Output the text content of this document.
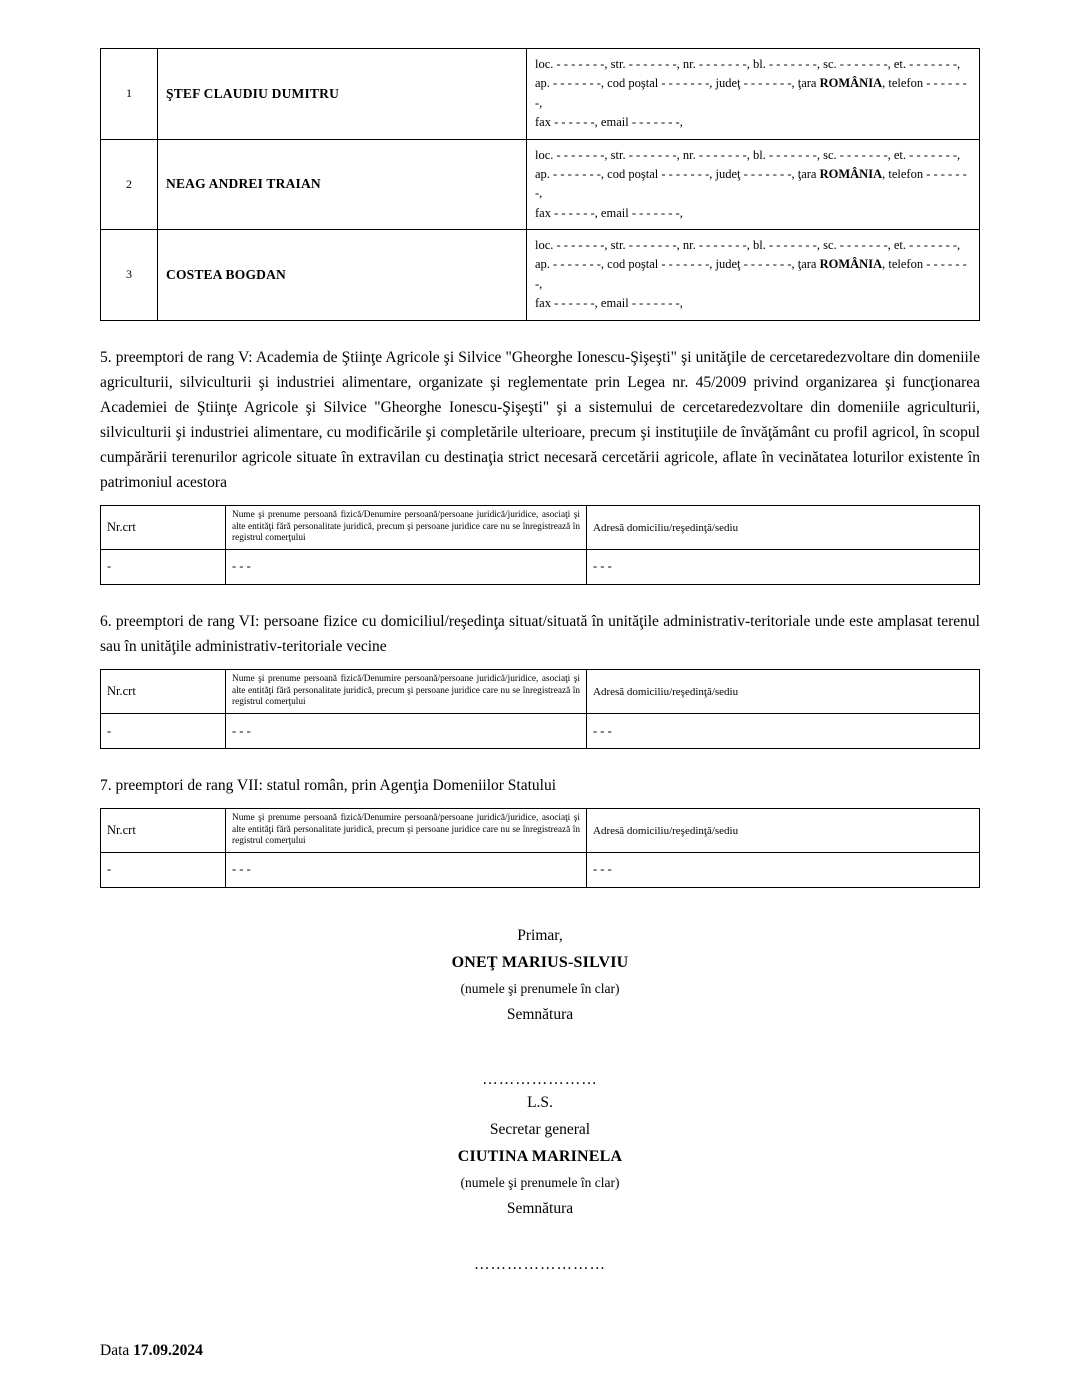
1	ŞTEF CLAUDIU DUMITRU	loc. - - - - - - -, str. - - - - - - -, nr. - - - - - - -, bl. - - - - - - -, sc. - - - - - - -, et. - - - - - - -,
ap. - - - - - - -, cod poştal - - - - - - -, judeţ - - - - - - -, ţara ROMÂNIA, telefon - - - - - - -,
fax - - - - - -, email - - - - - - -,
2	NEAG ANDREI TRAIAN	loc. - - - - - - -, str. - - - - - - -, nr. - - - - - - -, bl. - - - - - - -, sc. - - - - - - -, et. - - - - - - -,
ap. - - - - - - -, cod poştal - - - - - - -, judeţ - - - - - - -, ţara ROMÂNIA, telefon - - - - - - -,
fax - - - - - -, email - - - - - - -,
3	COSTEA BOGDAN	loc. - - - - - - -, str. - - - - - - -, nr. - - - - - - -, bl. - - - - - - -, sc. - - - - - - -, et. - - - - - - -,
ap. - - - - - - -, cod poştal - - - - - - -, judeţ - - - - - - -, ţara ROMÂNIA, telefon - - - - - - -,
fax - - - - - -, email - - - - - - -,

5. preemptori de rang V: Academia de Ştiinţe Agricole şi Silvice "Gheorghe Ionescu-Şişeşti" şi unităţile de cercetaredezvoltare din domeniile agriculturii, silviculturii şi industriei alimentare, organizate şi reglementate prin Legea nr. 45/2009 privind organizarea şi funcţionarea Academiei de Ştiinţe Agricole şi Silvice "Gheorghe Ionescu-Şişeşti" şi a sistemului de cercetaredezvoltare din domeniile agriculturii, silviculturii şi industriei alimentare, cu modificările şi completările ulterioare, precum şi instituţiile de învăţământ cu profil agricol, în scopul cumpărării terenurilor agricole situate în extravilan cu destinaţia strict necesară cercetării agricole, aflate în vecinătatea loturilor existente în patrimoniul acestora

Nr.crt	Nume şi prenume persoană fizică/Denumire persoană/persoane juridică/juridice, asociaţi şi alte entităţi fără personalitate juridică, precum şi persoane juridice care nu se înregistrează în registrul comerţului	Adresă domiciliu/reşedinţă/sediu
-	- - -	- - -

6. preemptori de rang VI: persoane fizice cu domiciliul/reşedinţa situat/situată în unităţile administrativ-teritoriale unde este amplasat terenul sau în unităţile administrativ-teritoriale vecine

Nr.crt	Nume şi prenume persoană fizică/Denumire persoană/persoane juridică/juridice, asociaţi şi alte entităţi fără personalitate juridică, precum şi persoane juridice care nu se înregistrează în registrul comerţului	Adresă domiciliu/reşedinţă/sediu
-	- - -	- - -

7. preemptori de rang VII: statul român, prin Agenţia Domeniilor Statului

Nr.crt	Nume şi prenume persoană fizică/Denumire persoană/persoane juridică/juridice, asociaţi şi alte entităţi fără personalitate juridică, precum şi persoane juridice care nu se înregistrează în registrul comerţului	Adresă domiciliu/reşedinţă/sediu
-	- - -	- - -
Primar,
ONEŢ MARIUS-SILVIU
(numele şi prenumele în clar)
Semnătura
…………………
L.S.
Secretar general
CIUTINA MARINELA
(numele şi prenumele în clar)
Semnătura
……………………
Data 17.09.2024
